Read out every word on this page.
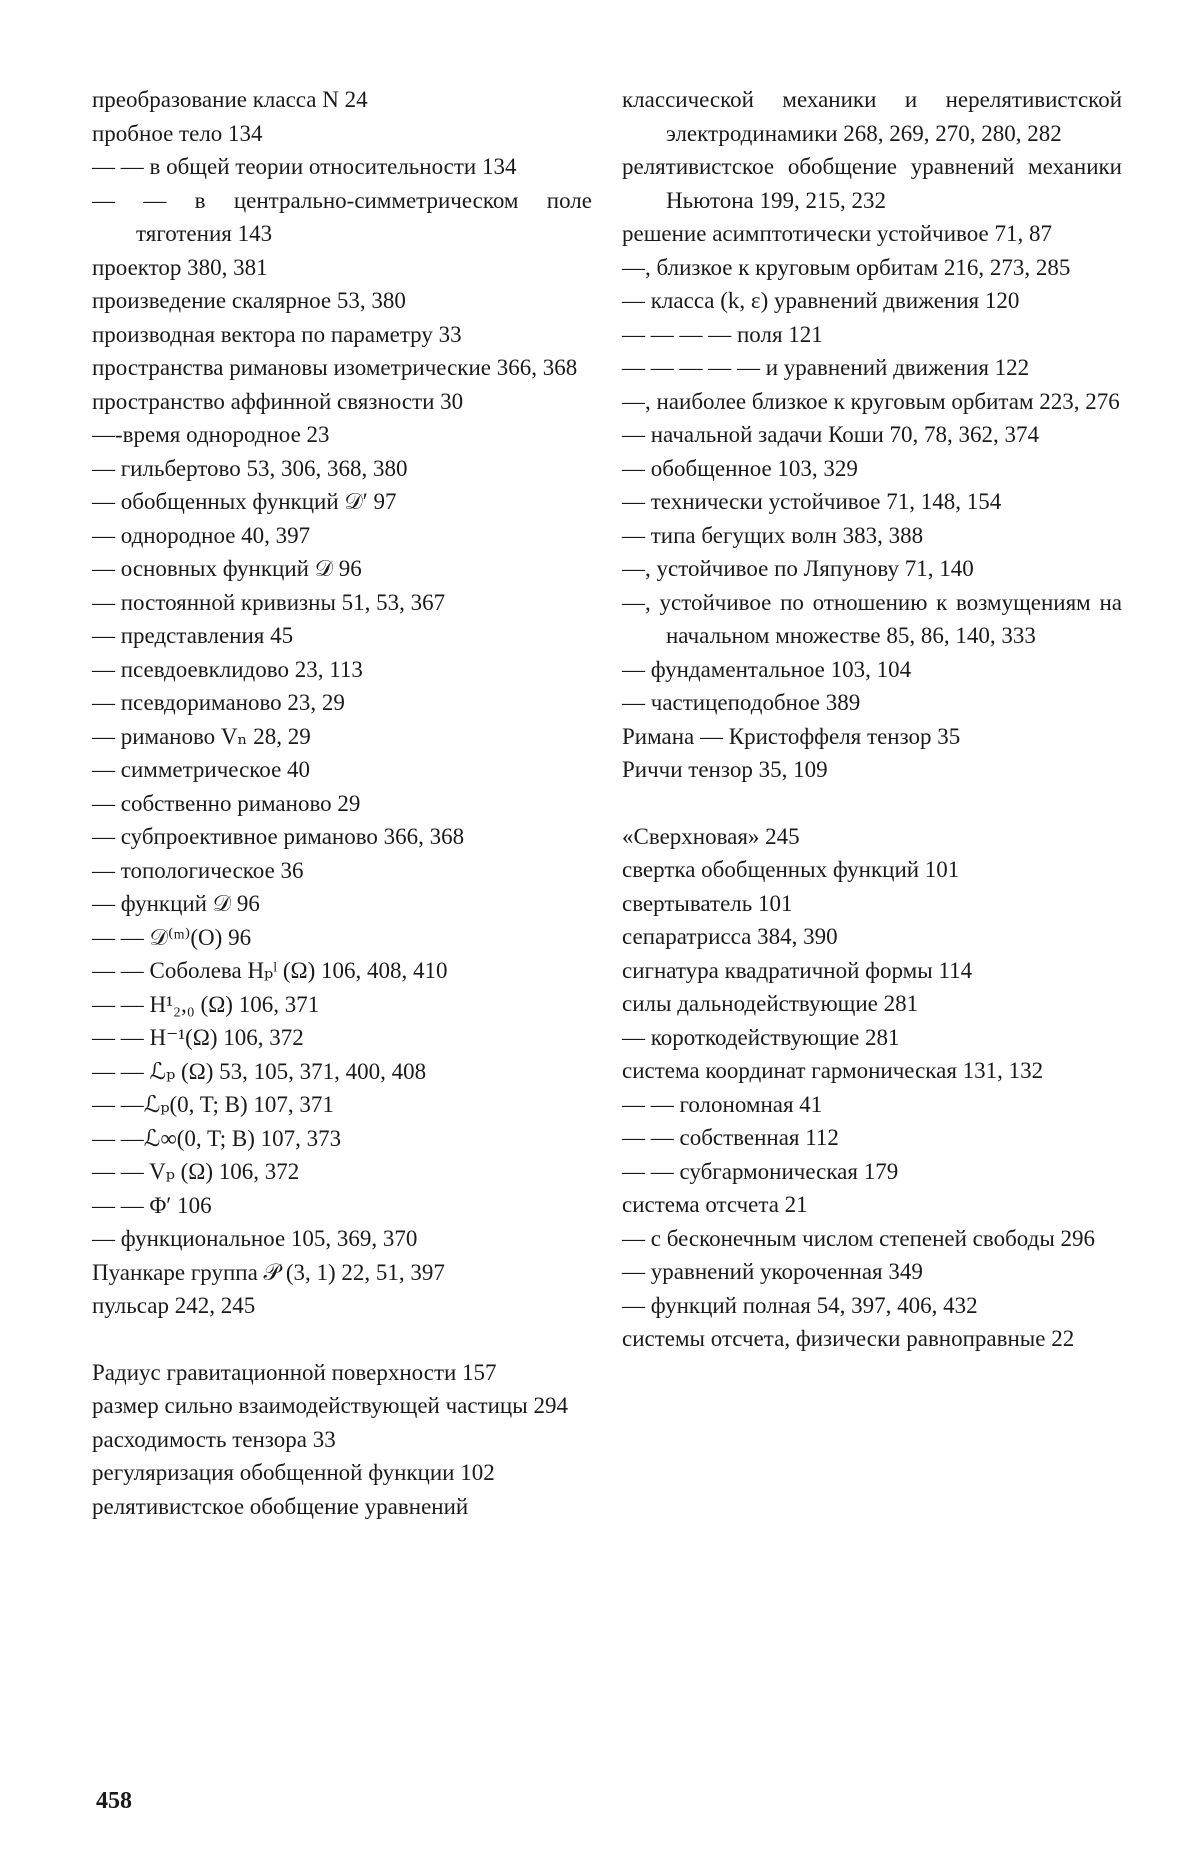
преобразование класса N 24

пробное тело 134

— — в общей теории относительности 134

— — в центрально-симметрическом поле тяготения 143

проектор 380, 381

произведение скалярное 53, 380

производная вектора по параметру 33

пространства римановы изометрические 366, 368

пространство аффинной связности 30

—-время однородное 23

— гильбертово 53, 306, 368, 380

— обобщенных функций 𝒟′ 97

— однородное 40, 397

— основных функций 𝒟 96

— постоянной кривизны 51, 53, 367

— представления 45

— псевдоевклидово 23, 113

— псевдориманово 23, 29

— риманово Vₙ 28, 29

— симметрическое 40

— собственно риманово 29

— субпроективное риманово 366, 368

— топологическое 36

— функций 𝒟 96

— — 𝒟⁽ᵐ⁾(O) 96

— — Соболева Hₚˡ (Ω) 106, 408, 410

— — H¹₂,₀ (Ω) 106, 371

— — H⁻¹(Ω) 106, 372

— — ℒₚ (Ω) 53, 105, 371, 400, 408

— —ℒₚ(0, T; B) 107, 371

— —ℒ∞(0, T; B) 107, 373

— — Vₚ (Ω) 106, 372

— — Φ′ 106

— функциональное 105, 369, 370

Пуанкаре группа 𝒫 (3, 1) 22, 51, 397

пульсар 242, 245

Радиус гравитационной поверхности 157

размер сильно взаимодействующей частицы 294

расходимость тензора 33

регуляризация обобщенной функции 102

релятивистское обобщение уравнений

классической механики и нерелятивистской электродинамики 268, 269, 270, 280, 282

релятивистское обобщение уравнений механики Ньютона 199, 215, 232

решение асимптотически устойчивое 71, 87

—, близкое к круговым орбитам 216, 273, 285

— класса (k, ε) уравнений движения 120

— — — — поля 121

— — — — — и уравнений движения 122

—, наиболее близкое к круговым орбитам 223, 276

— начальной задачи Коши 70, 78, 362, 374

— обобщенное 103, 329

— технически устойчивое 71, 148, 154

— типа бегущих волн 383, 388

—, устойчивое по Ляпунову 71, 140

—, устойчивое по отношению к возмущениям на начальном множестве 85, 86, 140, 333

— фундаментальное 103, 104

— частицеподобное 389

Римана — Кристоффеля тензор 35

Риччи тензор 35, 109

«Сверхновая» 245

свертка обобщенных функций 101

свертыватель 101

сепаратрисса 384, 390

сигнатура квадратичной формы 114

силы дальнодействующие 281

— короткодействующие 281

система координат гармоническая 131, 132

— — голономная 41

— — собственная 112

— — субгармоническая 179

система отсчета 21

— с бесконечным числом степеней свободы 296

— уравнений укороченная 349

— функций полная 54, 397, 406, 432

системы отсчета, физически равноправные 22

458
